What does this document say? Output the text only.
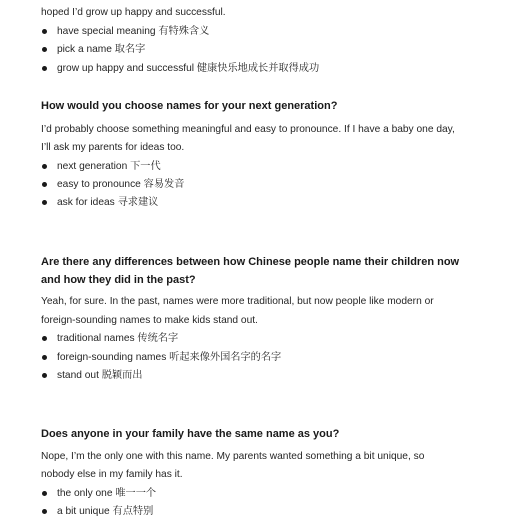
hoped I’d grow up happy and successful.
have special meaning 有特殊含义
pick a name 取名字
grow up happy and successful 健康快乐地成长并取得成功
How would you choose names for your next generation?
I’d probably choose something meaningful and easy to pronounce. If I have a baby one day,
I’ll ask my parents for ideas too.
next generation 下一代
easy to pronounce 容易发音
ask for ideas 寻求建议
Are there any differences between how Chinese people name their children now
and how they did in the past?
Yeah, for sure. In the past, names were more traditional, but now people like modern or
foreign-sounding names to make kids stand out.
traditional names 传统名字
foreign-sounding names 听起来像外国名字的名字
stand out 脱颖而出
Does anyone in your family have the same name as you?
Nope, I’m the only one with this name. My parents wanted something a bit unique, so
nobody else in my family has it.
the only one 唯一一个
a bit unique 有点特别
